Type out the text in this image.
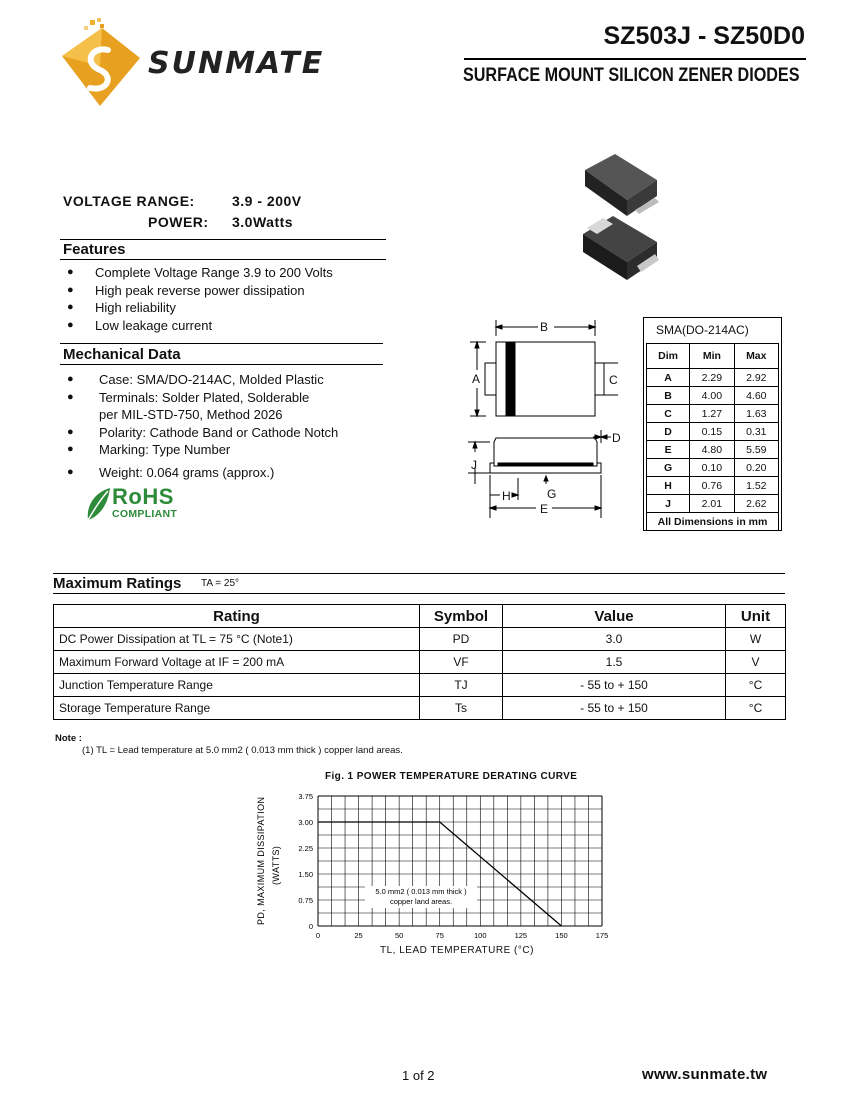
SUNMATE
SZ503J - SZ50D0
SURFACE MOUNT SILICON ZENER DIODES
VOLTAGE RANGE:	3.9 - 200V
POWER: 3.0Watts
Features
● Complete Voltage Range 3.9 to 200 Volts
● High peak reverse power dissipation
● High reliability
● Low leakage current
Mechanical Data
● Case: SMA/DO-214AC, Molded Plastic
● Terminals: Solder Plated, Solderable
per MIL-STD-750, Method 2026
● Polarity: Cathode Band or Cathode Notch
● Marking: Type Number
● Weight: 0.064 grams (approx.)
RoHS
COMPLIANT
B
A	C
D
J
H	G
E
SMA(DO-214AC)
Dim	Min	Max
A	2.29	2.92
B	4.00	4.60
C	1.27	1.63
D	0.15	0.31
E	4.80	5.59
G	0.10	0.20
H	0.76	1.52
J	2.01	2.62
All Dimensions in mm		
Maximum Ratings TA = 25°
Rating	Symbol	Value	Unit
DC Power Dissipation at TL = 75 °C (Note1)	PD	3.0	W
Maximum Forward Voltage at IF = 200 mA	VF	1.5	V
Junction Temperature Range	TJ	- 55 to + 150	°C
Storage Temperature Range	Ts	- 55 to + 150	°C
Note :
(1) TL = Lead temperature at 5.0 mm2 ( 0.013 mm thick ) copper land areas.
Fig. 1 POWER TEMPERATURE DERATING CURVE
0	25	50	75	100	125	150	175
0
0.75
1.50
2.25
3.00
3.75
PD, MAXIMUM DISSIPATION (WATTS)
5.0 mm2 ( 0.013 mm thick )
copper land areas.
TL, LEAD TEMPERATURE (°C)
1 of 2	www.sunmate.tw
